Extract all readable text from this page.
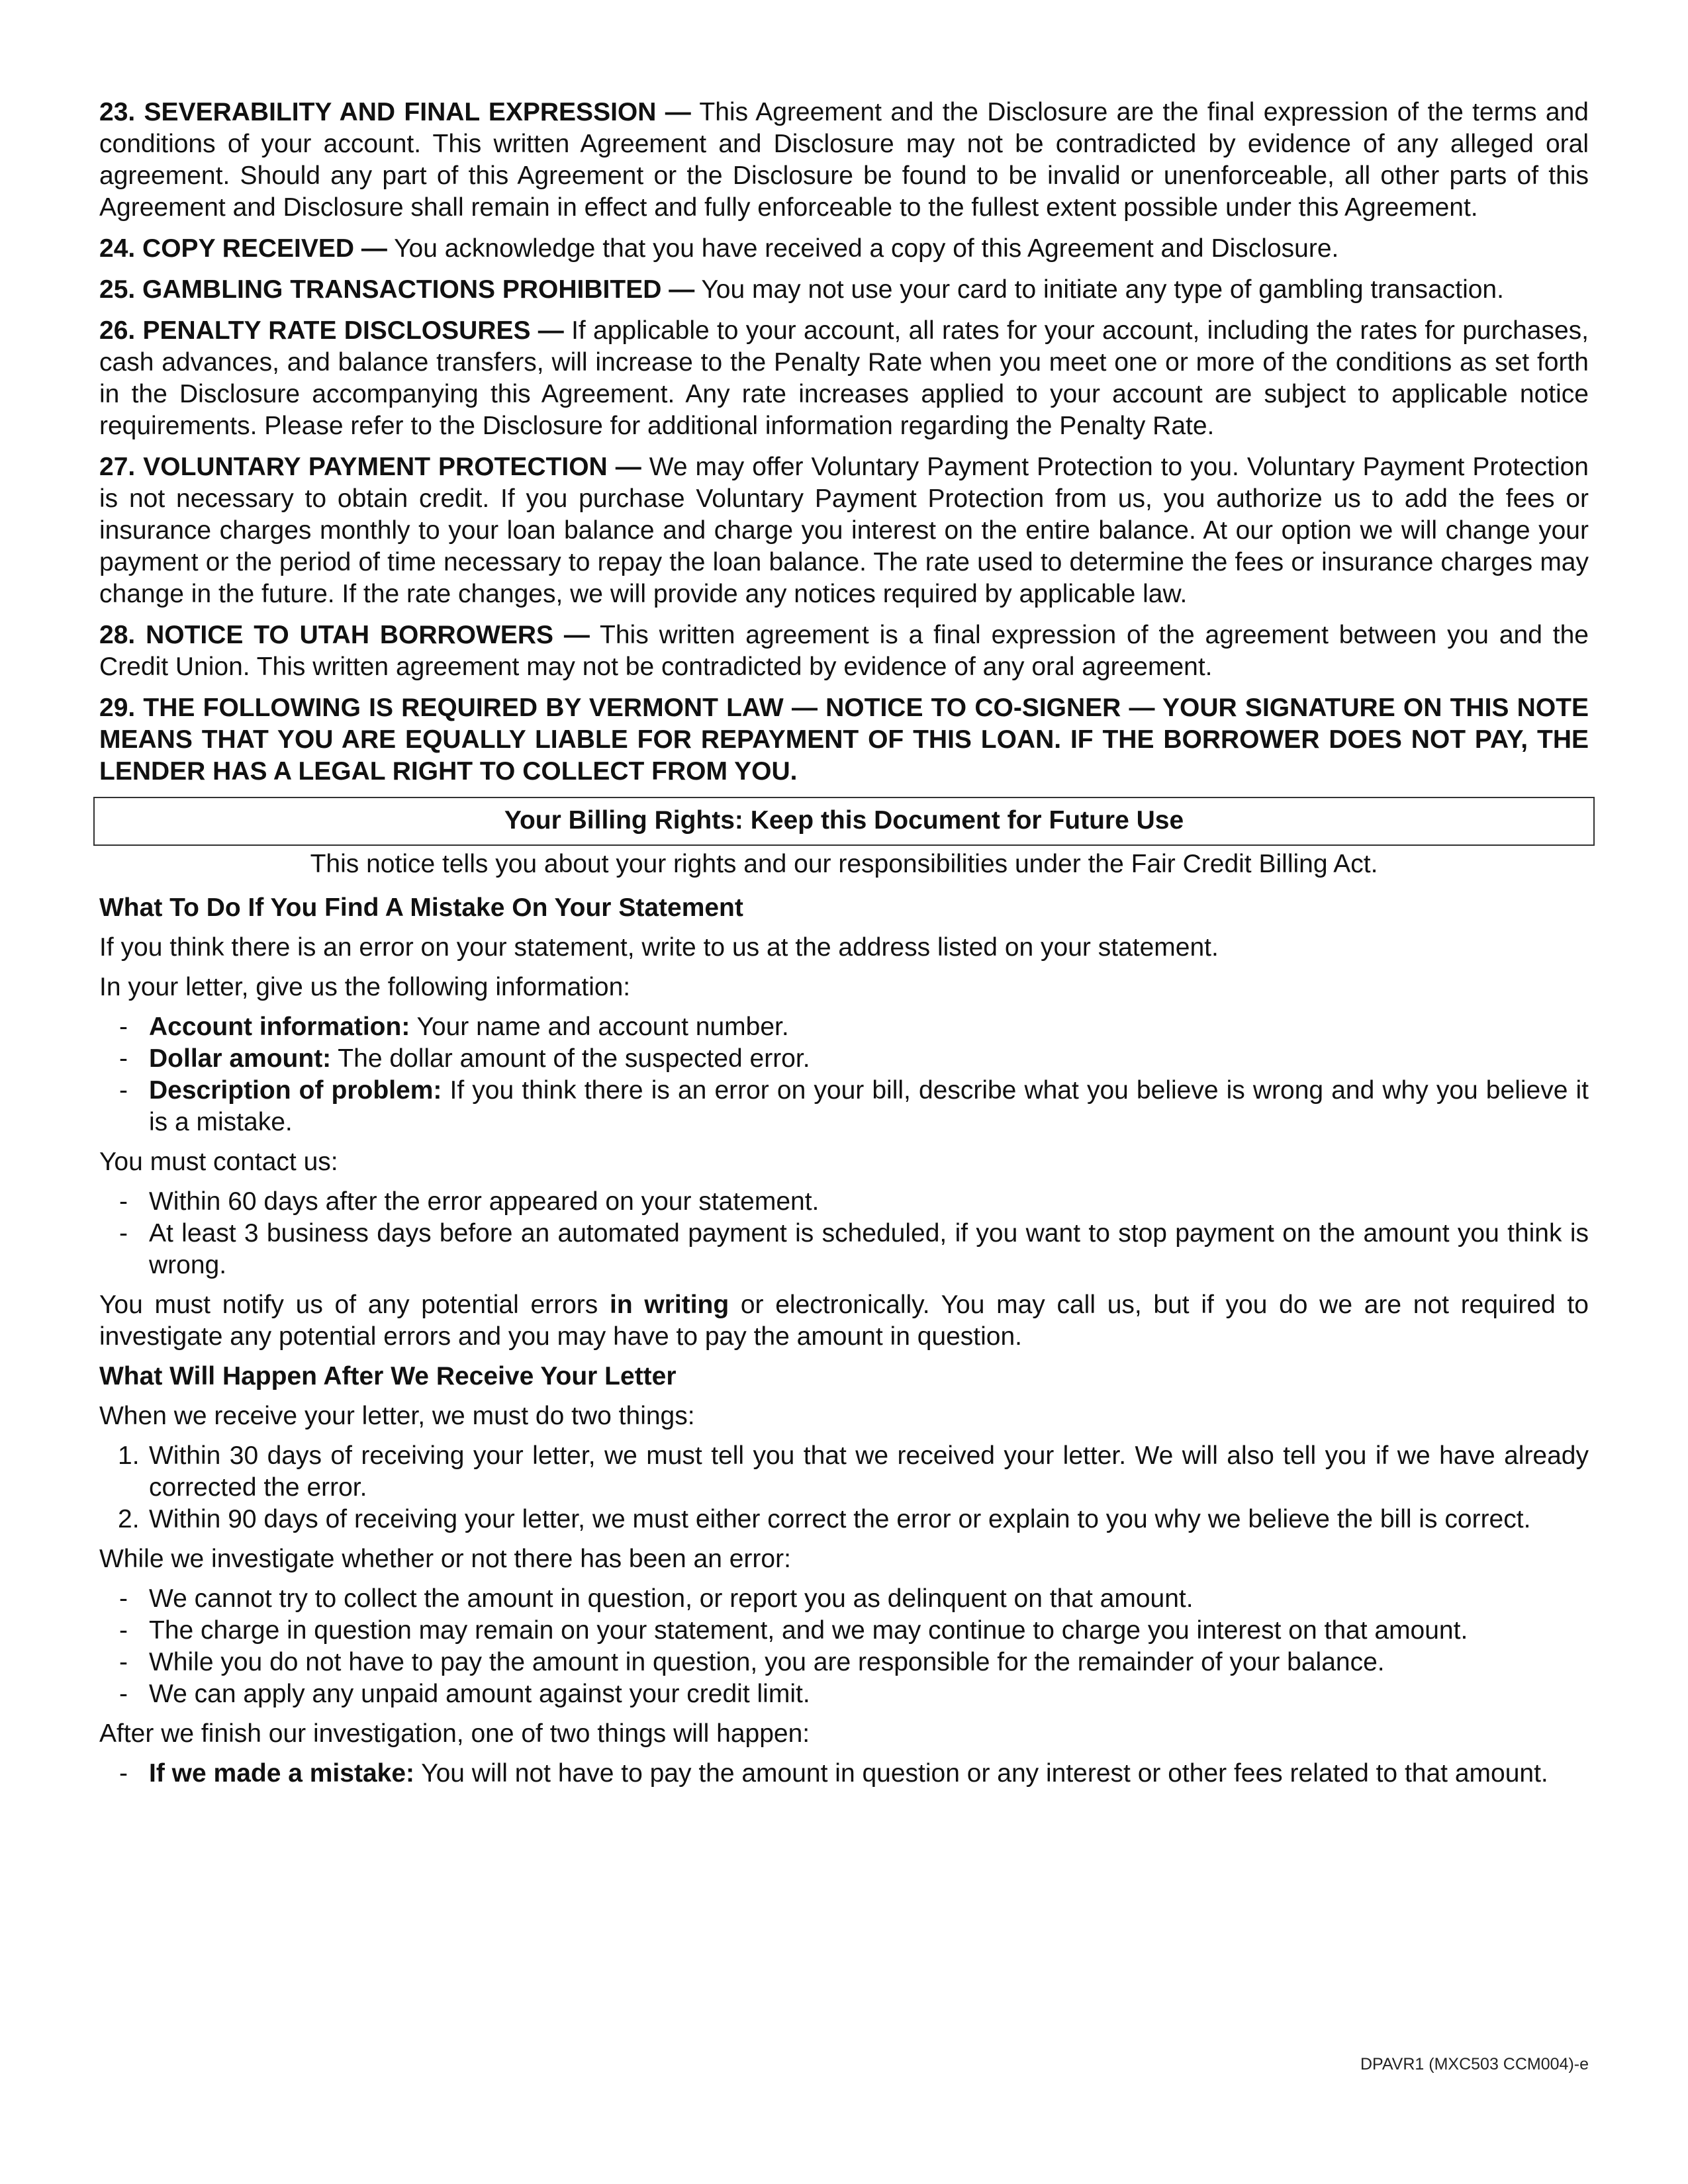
23. SEVERABILITY AND FINAL EXPRESSION — This Agreement and the Disclosure are the final expression of the terms and conditions of your account. This written Agreement and Disclosure may not be contradicted by evidence of any alleged oral agreement. Should any part of this Agreement or the Disclosure be found to be invalid or unenforceable, all other parts of this Agreement and Disclosure shall remain in effect and fully enforceable to the fullest extent possible under this Agreement.

24. COPY RECEIVED — You acknowledge that you have received a copy of this Agreement and Disclosure.

25. GAMBLING TRANSACTIONS PROHIBITED — You may not use your card to initiate any type of gambling transaction.

26. PENALTY RATE DISCLOSURES — If applicable to your account, all rates for your account, including the rates for purchases, cash advances, and balance transfers, will increase to the Penalty Rate when you meet one or more of the conditions as set forth in the Disclosure accompanying this Agreement. Any rate increases applied to your account are subject to applicable notice requirements. Please refer to the Disclosure for additional information regarding the Penalty Rate.

27. VOLUNTARY PAYMENT PROTECTION — We may offer Voluntary Payment Protection to you. Voluntary Payment Protection is not necessary to obtain credit. If you purchase Voluntary Payment Protection from us, you authorize us to add the fees or insurance charges monthly to your loan balance and charge you interest on the entire balance. At our option we will change your payment or the period of time necessary to repay the loan balance. The rate used to determine the fees or insurance charges may change in the future. If the rate changes, we will provide any notices required by applicable law.

28. NOTICE TO UTAH BORROWERS — This written agreement is a final expression of the agreement between you and the Credit Union. This written agreement may not be contradicted by evidence of any oral agreement.

29. THE FOLLOWING IS REQUIRED BY VERMONT LAW — NOTICE TO CO-SIGNER — YOUR SIGNATURE ON THIS NOTE MEANS THAT YOU ARE EQUALLY LIABLE FOR REPAYMENT OF THIS LOAN. IF THE BORROWER DOES NOT PAY, THE LENDER HAS A LEGAL RIGHT TO COLLECT FROM YOU.

Your Billing Rights: Keep this Document for Future Use
This notice tells you about your rights and our responsibilities under the Fair Credit Billing Act.
What To Do If You Find A Mistake On Your Statement
If you think there is an error on your statement, write to us at the address listed on your statement.
In your letter, give us the following information:
- Account information: Your name and account number.
- Dollar amount: The dollar amount of the suspected error.
- Description of problem: If you think there is an error on your bill, describe what you believe is wrong and why you believe it is a mistake.
You must contact us:
- Within 60 days after the error appeared on your statement.
- At least 3 business days before an automated payment is scheduled, if you want to stop payment on the amount you think is wrong.
You must notify us of any potential errors in writing or electronically. You may call us, but if you do we are not required to investigate any potential errors and you may have to pay the amount in question.
What Will Happen After We Receive Your Letter
When we receive your letter, we must do two things:
1. Within 30 days of receiving your letter, we must tell you that we received your letter. We will also tell you if we have already corrected the error.
2. Within 90 days of receiving your letter, we must either correct the error or explain to you why we believe the bill is correct.
While we investigate whether or not there has been an error:
- We cannot try to collect the amount in question, or report you as delinquent on that amount.
- The charge in question may remain on your statement, and we may continue to charge you interest on that amount.
- While you do not have to pay the amount in question, you are responsible for the remainder of your balance.
- We can apply any unpaid amount against your credit limit.
After we finish our investigation, one of two things will happen:
- If we made a mistake: You will not have to pay the amount in question or any interest or other fees related to that amount.
DPAVR1 (MXC503 CCM004)-e
